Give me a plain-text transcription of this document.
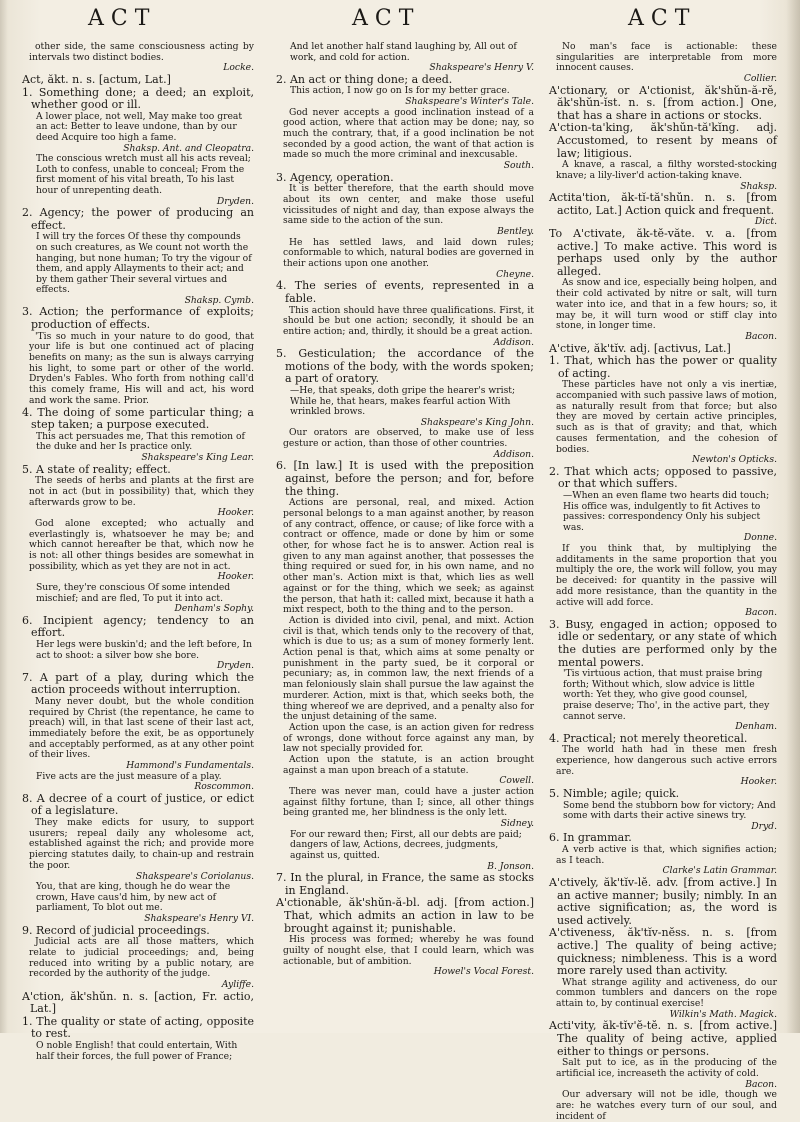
ACT	ACT	ACT

other side, the same consciousness acting by intervals two distinct bodies.

Locke.

Act, ăkt. n. s. [actum, Lat.]

1. Something done; a deed; an exploit, whether good or ill.

A lower place, not well, May make too great an act: Better to leave undone, than by our deed Acquire too high a fame.

Shaksp. Ant. and Cleopatra.

The conscious wretch must all his acts reveal; Loth to confess, unable to conceal; From the first moment of his vital breath, To his last hour of unrepenting death.

Dryden.

2. Agency; the power of producing an effect.

I will try the forces Of these thy compounds on such creatures, as We count not worth the hanging, but none human; To try the vigour of them, and apply Allayments to their act; and by them gather Their several virtues and effects.

Shaksp. Cymb.

3. Action; the performance of exploits; production of effects.

'Tis so much in your nature to do good, that your life is but one continued act of placing benefits on many; as the sun is always carrying his light, to some part or other of the world. Dryden's Fables. Who forth from nothing call'd this comely frame, His will and act, his word and work the same. Prior.

4. The doing of some particular thing; a step taken; a purpose executed.

This act persuades me, That this remotion of the duke and her Is practice only.

Shakspeare's King Lear.

5. A state of reality; effect.

The seeds of herbs and plants at the first are not in act (but in possibility) that, which they afterwards grow to be.

Hooker.

God alone excepted; who actually and everlastingly is, whatsoever he may be; and which cannot hereafter be that, which now he is not: all other things besides are somewhat in possibility, which as yet they are not in act.

Hooker.

Sure, they're conscious Of some intended mischief; and are fled, To put it into act.

Denham's Sophy.

6. Incipient agency; tendency to an effort.

Her legs were buskin'd; and the left before, In act to shoot: a silver bow she bore.

Dryden.

7. A part of a play, during which the action proceeds without interruption.

Many never doubt, but the whole condition required by Christ (the repentance, he came to preach) will, in that last scene of their last act, immediately before the exit, be as opportunely and acceptably performed, as at any other point of their lives.

Hammond's Fundamentals.

Five acts are the just measure of a play.

Roscommon.

8. A decree of a court of justice, or edict of a legislature.

They make edicts for usury, to support usurers; repeal daily any wholesome act, established against the rich; and provide more piercing statutes daily, to chain-up and restrain the poor.

Shakspeare's Coriolanus.

You, that are king, though he do wear the crown, Have caus'd him, by new act of parliament, To blot out me.

Shakspeare's Henry VI.

9. Record of judicial proceedings.

Judicial acts are all those matters, which relate to judicial proceedings; and, being reduced into writing by a public notary, are recorded by the authority of the judge.

Ayliffe.

A'ction, ăk'shŭn. n. s. [action, Fr. actio, Lat.]

1. The quality or state of acting, opposite to rest.

O noble English! that could entertain, With half their forces, the full power of France;

And let another half stand laughing by, All out of work, and cold for action.

Shakspeare's Henry V.

2. An act or thing done; a deed.

This action, I now go on Is for my better grace.

Shakspeare's Winter's Tale.

God never accepts a good inclination instead of a good action, where that action may be done; nay, so much the contrary, that, if a good inclination be not seconded by a good action, the want of that action is made so much the more criminal and inexcusable.

South.

3. Agency, operation.

It is better therefore, that the earth should move about its own center, and make those useful vicissitudes of night and day, than expose always the same side to the action of the sun.

Bentley.

He has settled laws, and laid down rules; conformable to which, natural bodies are governed in their actions upon one another.

Cheyne.

4. The series of events, represented in a fable.

This action should have three qualifications. First, it should be but one action; secondly, it should be an entire action; and, thirdly, it should be a great action.

Addison.

5. Gesticulation; the accordance of the motions of the body, with the words spoken; a part of oratory.

—He, that speaks, doth gripe the hearer's wrist; While he, that hears, makes fearful action With wrinkled brows.

Shakspeare's King John.

Our orators are observed, to make use of less gesture or action, than those of other countries.

Addison.

6. [In law.] It is used with the preposition against, before the person; and for, before the thing.

Actions are personal, real, and mixed. Action personal belongs to a man against another, by reason of any contract, offence, or cause; of like force with a contract or offence, made or done by him or some other, for whose fact he is to answer. Action real is given to any man against another, that possesses the thing required or sued for, in his own name, and no other man's. Action mixt is that, which lies as well against or for the thing, which we seek; as against the person, that hath it: called mixt, because it hath a mixt respect, both to the thing and to the person.

Action is divided into civil, penal, and mixt. Action civil is that, which tends only to the recovery of that, which is due to us; as a sum of money formerly lent. Action penal is that, which aims at some penalty or punishment in the party sued, be it corporal or pecuniary; as, in common law, the next friends of a man feloniously slain shall pursue the law against the murderer. Action, mixt is that, which seeks both, the thing whereof we are deprived, and a penalty also for the unjust detaining of the same.

Action upon the case, is an action given for redress of wrongs, done without force against any man, by law not specially provided for.

Action upon the statute, is an action brought against a man upon breach of a statute.

Cowell.

There was never man, could have a juster action against filthy fortune, than I; since, all other things being granted me, her blindness is the only lett.

Sidney.

For our reward then; First, all our debts are paid; dangers of law, Actions, decrees, judgments, against us, quitted.

B. Jonson.

7. In the plural, in France, the same as stocks in England.

A'ctionable, ăk'shŭn-ă-bl. adj. [from action.] That, which admits an action in law to be brought against it; punishable.

His process was formed; whereby he was found guilty of nought else, that I could learn, which was actionable, but of ambition.

Howel's Vocal Forest.

No man's face is actionable: these singularities are interpretable from more innocent causes.

Collier.

A'ctionary, or A'ctionist, ăk'shŭn-ă-rĕ, ăk'shŭn-ĭst. n. s. [from action.] One, that has a share in actions or stocks.

A'ction-ta'king, ăk'shŭn-tă'kĭng. adj. Accustomed, to resent by means of law; litigious.

A knave, a rascal, a filthy worsted-stocking knave; a lily-liver'd action-taking knave.

Shaksp.

Actita'tion, ăk-tĭ-tă'shŭn. n. s. [from actito, Lat.] Action quick and frequent.

Dict.

To A'ctivate, ăk-tĕ-văte. v. a. [from active.] To make active. This word is perhaps used only by the author alleged.

As snow and ice, especially being holpen, and their cold activated by nitre or salt, will turn water into ice, and that in a few hours; so, it may be, it will turn wood or stiff clay into stone, in longer time.

Bacon.

A'ctive, ăk'tĭv. adj. [activus, Lat.]

1. That, which has the power or quality of acting.

These particles have not only a vis inertiæ, accompanied with such passive laws of motion, as naturally result from that force; but also they are moved by certain active principles, such as is that of gravity; and that, which causes fermentation, and the cohesion of bodies.

Newton's Opticks.

2. That which acts; opposed to passive, or that which suffers.

—When an even flame two hearts did touch; His office was, indulgently to fit Actives to passives: correspondency Only his subject was.

Donne.

If you think that, by multiplying the additaments in the same proportion that you multiply the ore, the work will follow, you may be deceived: for quantity in the passive will add more resistance, than the quantity in the active will add force.

Bacon.

3. Busy, engaged in action; opposed to idle or sedentary, or any state of which the duties are performed only by the mental powers.

'Tis virtuous action, that must praise bring forth; Without which, slow advice is little worth: Yet they, who give good counsel, praise deserve; Tho', in the active part, they cannot serve.

Denham.

4. Practical; not merely theoretical.

The world hath had in these men fresh experience, how dangerous such active errors are.

Hooker.

5. Nimble; agile; quick.

Some bend the stubborn bow for victory; And some with darts their active sinews try.

Dryd.

6. In grammar.

A verb active is that, which signifies action; as I teach.

Clarke's Latin Grammar.

A'ctively, ăk'tĭv-lĕ. adv. [from active.] In an active manner; busily; nimbly. In an active signification; as, the word is used actively.

A'ctiveness, ăk'tĭv-nĕss. n. s. [from active.] The quality of being active; quickness; nimbleness. This is a word more rarely used than activity.

What strange agility and activeness, do our common tumblers and dancers on the rope attain to, by continual exercise!

Wilkin's Math. Magick.

Acti'vity, ăk-tĭv'ĕ-tĕ. n. s. [from active.] The quality of being active, applied either to things or persons.

Salt put to ice, as in the producing of the artificial ice, increaseth the activity of cold.

Bacon.

Our adversary will not be idle, though we are: he watches every turn of our soul, and incident of
